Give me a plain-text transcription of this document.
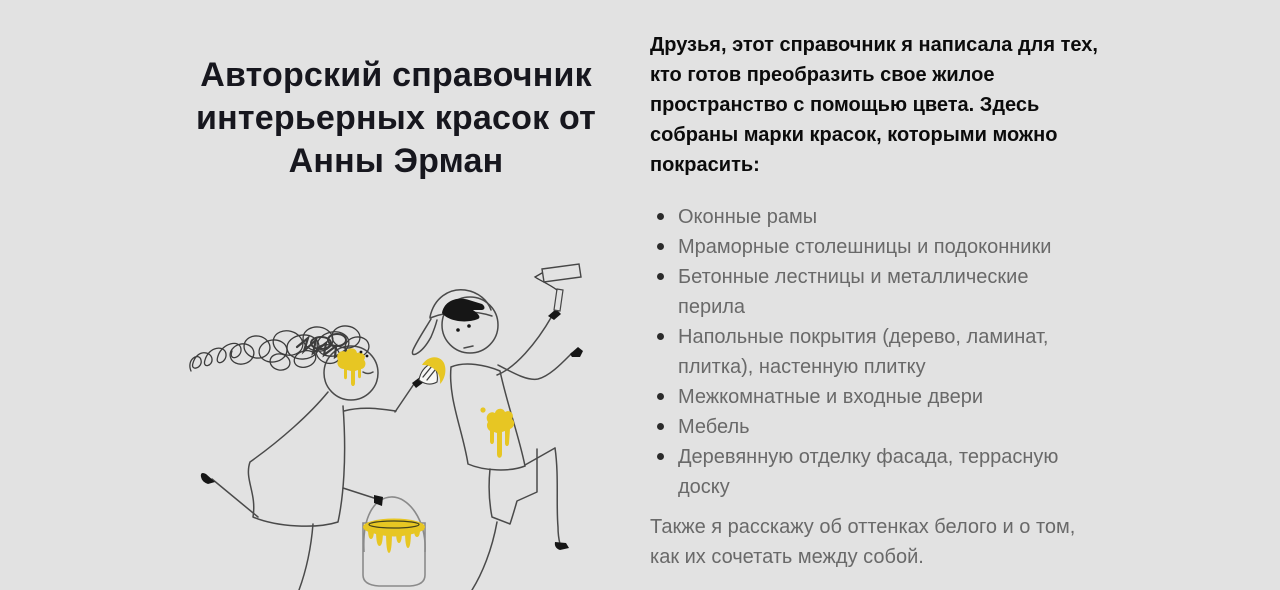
Авторский справочник интерьерных красок от Анны Эрман

Друзья, этот справочник я написала для тех, кто готов преобразить свое жилое пространство с помощью цвета. Здесь собраны марки красок, которыми можно покрасить:

Оконные рамы
Мраморные столешницы и подоконники
Бетонные лестницы и металлические перила
Напольные покрытия (дерево, ламинат, плитка), настенную плитку
Межкомнатные и входные двери
Мебель
Деревянную отделку фасада, террасную доску

Также я расскажу об оттенках белого и о том, как их сочетать между собой.
